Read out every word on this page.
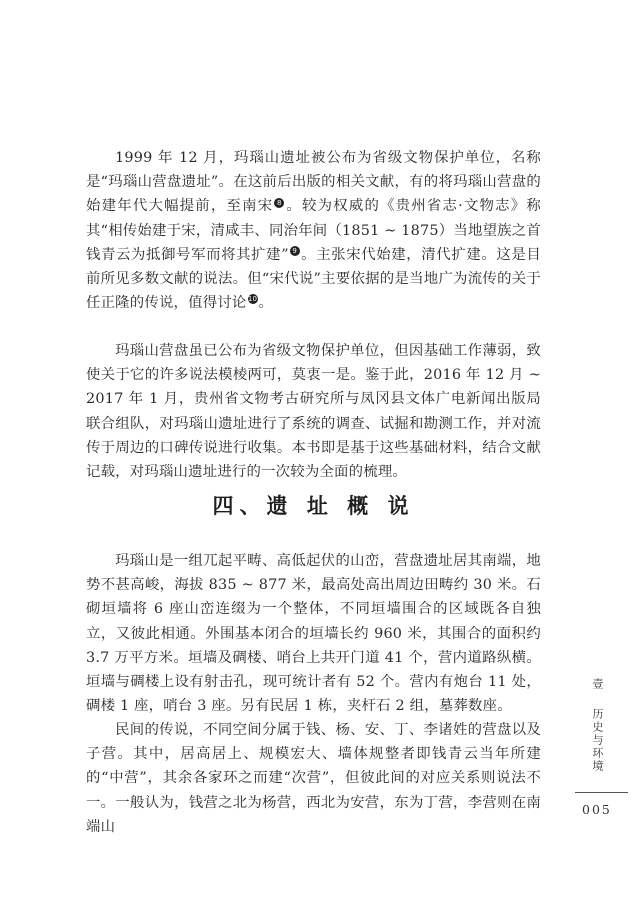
1999 年 12 月，玛瑙山遗址被公布为省级文物保护单位，名称是“玛瑙山营盘遗址”。在这前后出版的相关文献，有的将玛瑙山营盘的始建年代大幅提前，至南宋 8 。较为权威的《贵州省志·文物志》称其“相传始建于宋，清咸丰、同治年间（1851 ~ 1875）当地望族之首钱青云为抵御号军而将其扩建” 9 。主张宋代始建，清代扩建。这是目前所见多数文献的说法。但“宋代说”主要依据的是当地广为流传的关于任正隆的传说，值得讨论10。
玛瑙山营盘虽已公布为省级文物保护单位，但因基础工作薄弱，致使关于它的许多说法模棱两可，莫衷一是。鉴于此，2016 年 12 月 ~ 2017 年 1 月，贵州省文物考古研究所与凤冈县文体广电新闻出版局联合组队，对玛瑙山遗址进行了系统的调查、试掘和勘测工作，并对流传于周边的口碑传说进行收集。本书即是基于这些基础材料，结合文献记载，对玛瑙山遗址进行的一次较为全面的梳理。
四、遗 址 概 说
玛瑙山是一组兀起平畴、高低起伏的山峦，营盘遗址居其南端，地势不甚高峻，海拔 835 ~ 877 米，最高处高出周边田畴约 30 米。石砌垣墙将 6 座山峦连缀为一个整体，不同垣墙围合的区域既各自独立，又彼此相通。外围基本闭合的垣墙长约 960 米，其围合的面积约 3.7 万平方米。垣墙及碉楼、哨台上共开门道 41 个，营内道路纵横。垣墙与碉楼上设有射击孔，现可统计者有 52 个。营内有炮台 11 处，碉楼 1 座，哨台 3 座。另有民居 1 栋，夹杆石 2 组，墓葬数座。
民间的传说，不同空间分属于钱、杨、安、丁、李诸姓的营盘以及子营。其中，居高居上、规模宏大、墙体规整者即钱青云当年所建的“中营”，其余各家环之而建“次营”，但彼此间的对应关系则说法不一。一般认为，钱营之北为杨营，西北为安营，东为丁营，李营则在南端山
壹
历史与环境
005
